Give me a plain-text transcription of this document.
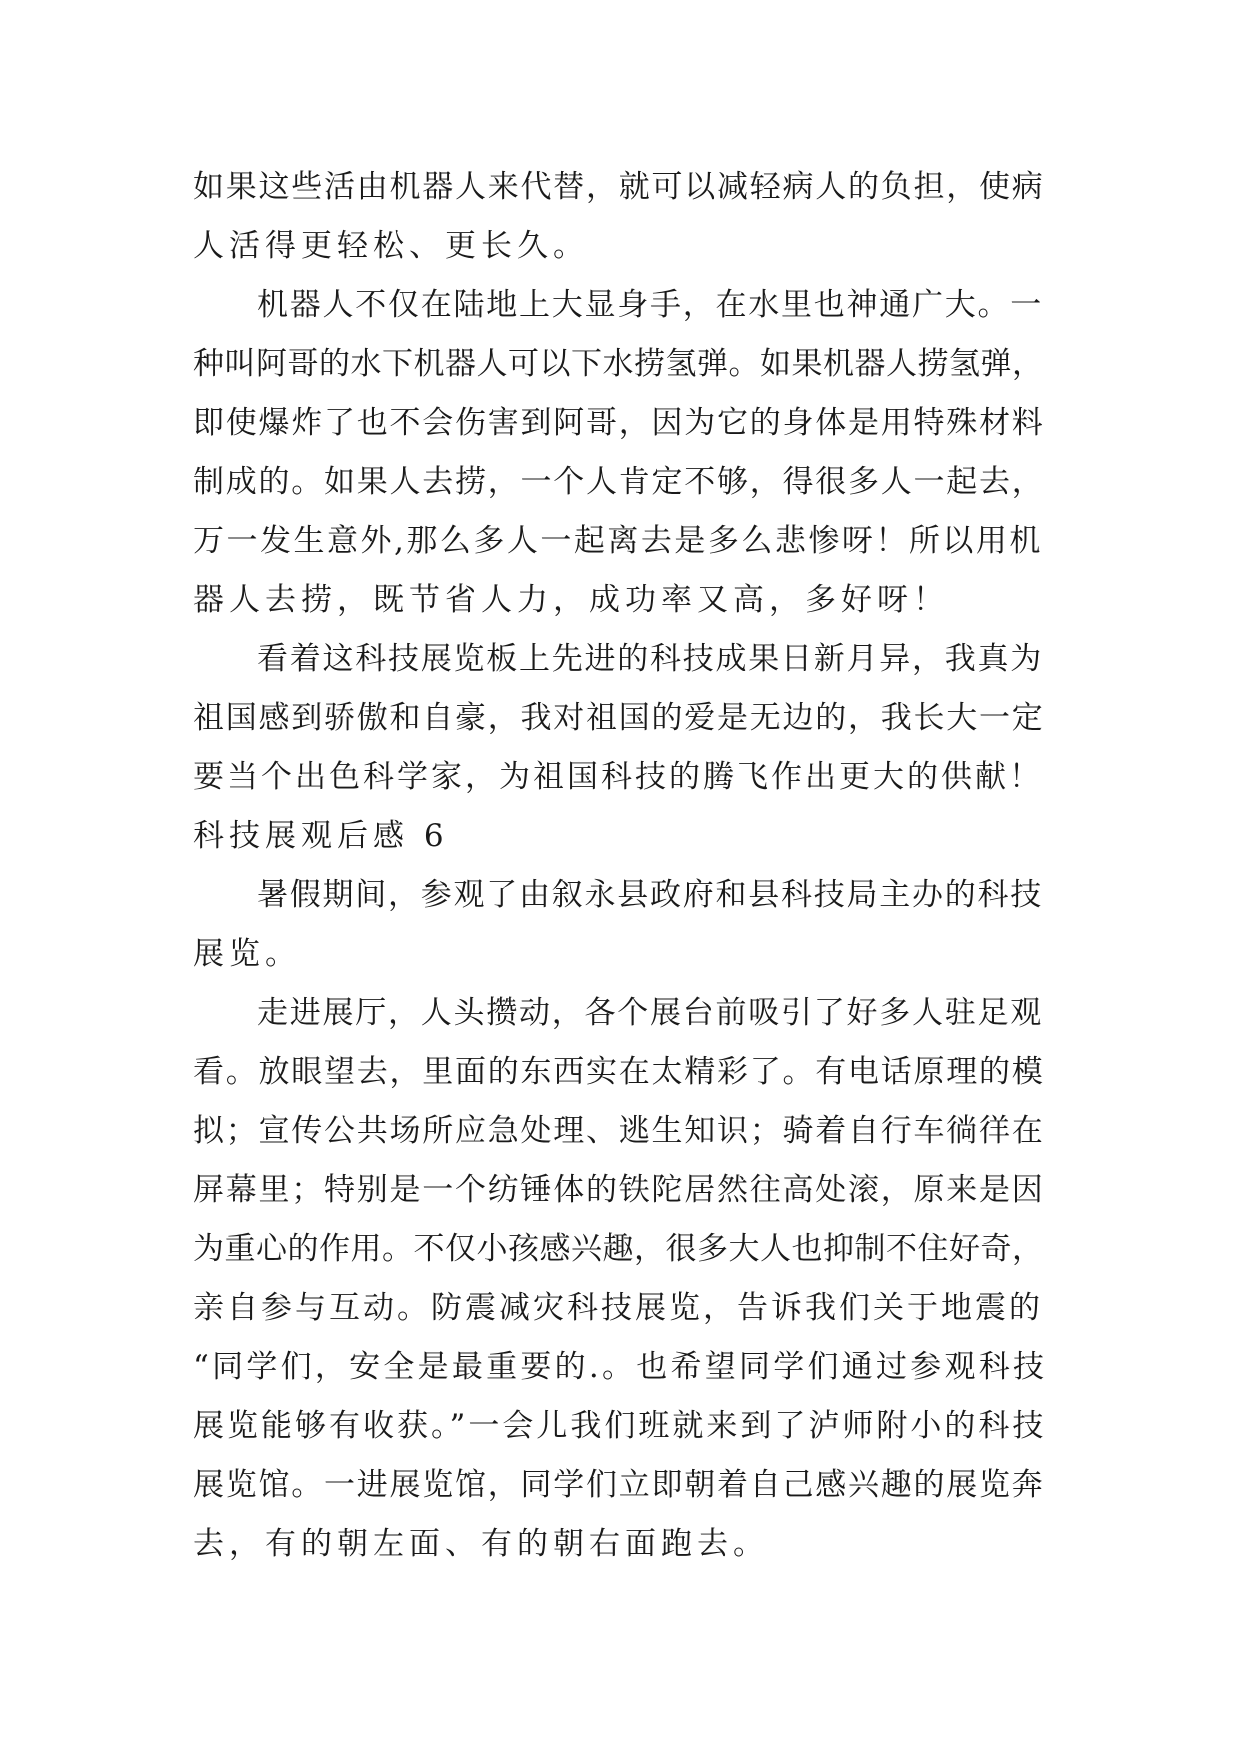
如果这些活由机器人来代替，就可以减轻病人的负担，使病
人活得更轻松、更长久。
机器人不仅在陆地上大显身手，在水里也神通广大。一
种叫阿哥的水下机器人可以下水捞氢弹。如果机器人捞氢弹，
即使爆炸了也不会伤害到阿哥，因为它的身体是用特殊材料
制成的。如果人去捞，一个人肯定不够，得很多人一起去，
万一发生意外,那么多人一起离去是多么悲惨呀！所以用机
器人去捞，既节省人力，成功率又高，多好呀！
看着这科技展览板上先进的科技成果日新月异，我真为
祖国感到骄傲和自豪，我对祖国的爱是无边的，我长大一定
要当个出色科学家，为祖国科技的腾飞作出更大的供献！
科技展观后感 6
暑假期间，参观了由叙永县政府和县科技局主办的科技
展览。
走进展厅，人头攒动，各个展台前吸引了好多人驻足观
看。放眼望去，里面的东西实在太精彩了。有电话原理的模
拟；宣传公共场所应急处理、逃生知识；骑着自行车徜徉在
屏幕里；特别是一个纺锤体的铁陀居然往高处滚，原来是因
为重心的作用。不仅小孩感兴趣，很多大人也抑制不住好奇，
亲自参与互动。防震减灾科技展览，告诉我们关于地震的
“同学们，安全是最重要的.。也希望同学们通过参观科技
展览能够有收获。”一会儿我们班就来到了泸师附小的科技
展览馆。一进展览馆，同学们立即朝着自己感兴趣的展览奔
去，有的朝左面、有的朝右面跑去。
